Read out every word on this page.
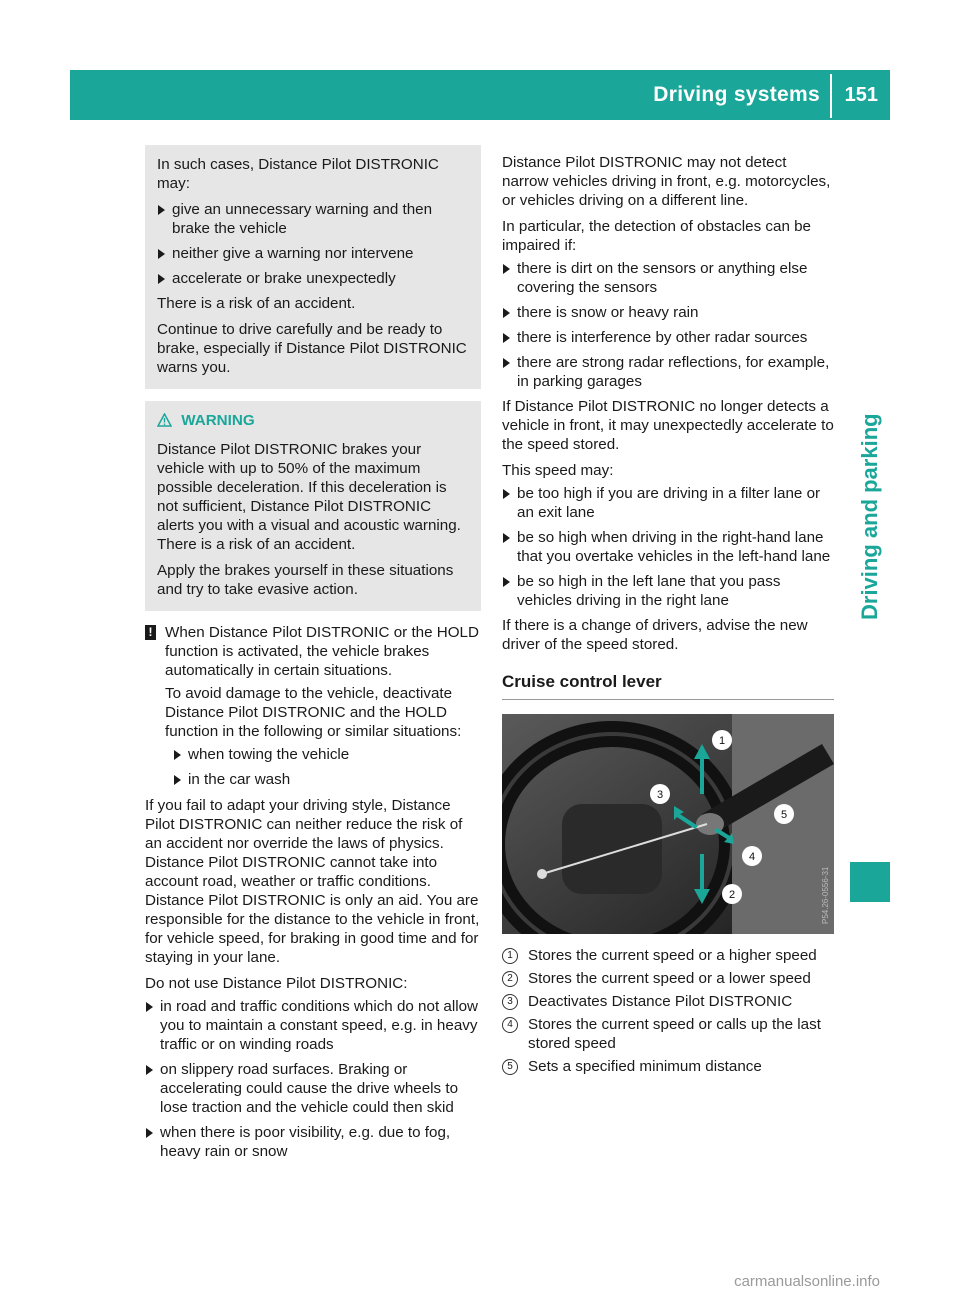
Driving systems 151
Driving and parking

In such cases, Distance Pilot DISTRONIC may:

give an unnecessary warning and then brake the vehicle
neither give a warning nor intervene
accelerate or brake unexpectedly

There is a risk of an accident.

Continue to drive carefully and be ready to brake, especially if Distance Pilot DISTRONIC warns you.

WARNING

Distance Pilot DISTRONIC brakes your vehicle with up to 50% of the maximum possible deceleration. If this deceleration is not sufficient, Distance Pilot DISTRONIC alerts you with a visual and acoustic warning. There is a risk of an accident.

Apply the brakes yourself in these situations and try to take evasive action.

! When Distance Pilot DISTRONIC or the HOLD function is activated, the vehicle brakes automatically in certain situations.

To avoid damage to the vehicle, deactivate Distance Pilot DISTRONIC and the HOLD function in the following or similar situations:

when towing the vehicle
in the car wash

If you fail to adapt your driving style, Distance Pilot DISTRONIC can neither reduce the risk of an accident nor override the laws of physics. Distance Pilot DISTRONIC cannot take into account road, weather or traffic conditions. Distance Pilot DISTRONIC is only an aid. You are responsible for the distance to the vehicle in front, for vehicle speed, for braking in good time and for staying in your lane.

Do not use Distance Pilot DISTRONIC:

in road and traffic conditions which do not allow you to maintain a constant speed, e.g. in heavy traffic or on winding roads
on slippery road surfaces. Braking or accelerating could cause the drive wheels to lose traction and the vehicle could then skid
when there is poor visibility, e.g. due to fog, heavy rain or snow

Distance Pilot DISTRONIC may not detect narrow vehicles driving in front, e.g. motorcycles, or vehicles driving on a different line.

In particular, the detection of obstacles can be impaired if:

there is dirt on the sensors or anything else covering the sensors
there is snow or heavy rain
there is interference by other radar sources
there are strong radar reflections, for example, in parking garages

If Distance Pilot DISTRONIC no longer detects a vehicle in front, it may unexpectedly accelerate to the speed stored.

This speed may:

be too high if you are driving in a filter lane or an exit lane
be so high when driving in the right-hand lane that you overtake vehicles in the left-hand lane
be so high in the left lane that you pass vehicles driving in the right lane

If there is a change of drivers, advise the new driver of the speed stored.

Cruise control lever
1
2
3
4
5
P54.26-0556-31
1	Stores the current speed or a higher speed
2	Stores the current speed or a lower speed
3	Deactivates Distance Pilot DISTRONIC
4	Stores the current speed or calls up the last stored speed
5	Sets a specified minimum distance
carmanualsonline.info
